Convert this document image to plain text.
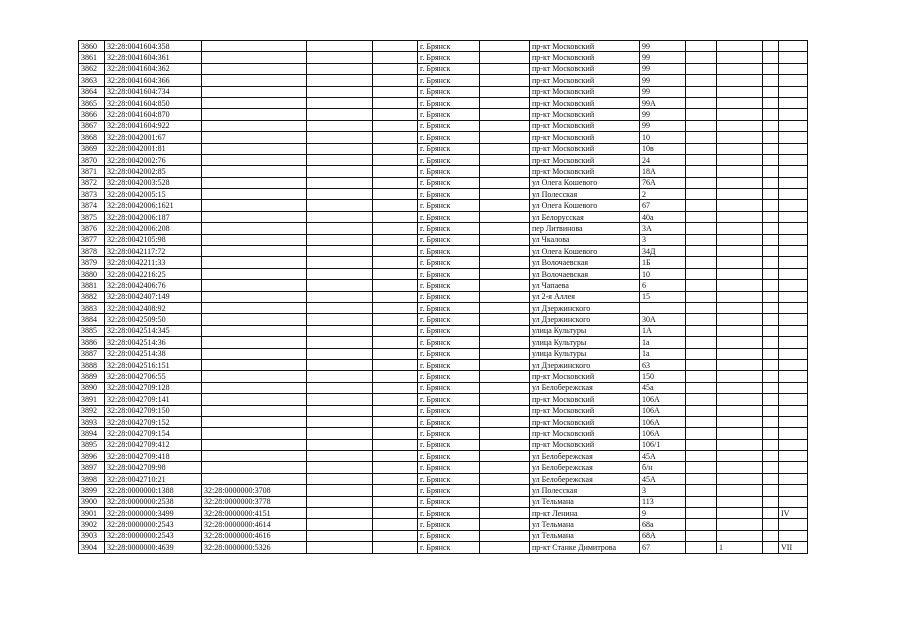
3860	32:28:0041604:358				г. Брянск		пр-кт Московский	99				
3861	32:28:0041604:361				г. Брянск		пр-кт Московский	99				
3862	32:28:0041604:362				г. Брянск		пр-кт Московский	99				
3863	32:28:0041604:366				г. Брянск		пр-кт Московский	99				
3864	32:28:0041604:734				г. Брянск		пр-кт Московский	99				
3865	32:28:0041604:850				г. Брянск		пр-кт Московский	99А				
3866	32:28:0041604:870				г. Брянск		пр-кт Московский	99				
3867	32:28:0041604:922				г. Брянск		пр-кт Московский	99				
3868	32:28:0042001:67				г. Брянск		пр-кт Московский	10				
3869	32:28:0042001:81				г. Брянск		пр-кт Московский	10в				
3870	32:28:0042002:76				г. Брянск		пр-кт Московский	24				
3871	32:28:0042002:85				г. Брянск		пр-кт Московский	18А				
3872	32:28:0042003:528				г. Брянск		ул Олега Кошевого	76А				
3873	32:28:0042005:15				г. Брянск		ул Полесская	2				
3874	32:28:0042006:1621				г. Брянск		ул Олега Кошевого	67				
3875	32:28:0042006:187				г. Брянск		ул Белорусская	40а				
3876	32:28:0042006:208				г. Брянск		пер Литвинова	3А				
3877	32:28:0042105:98				г. Брянск		ул Чкалова	3				
3878	32:28:0042117:72				г. Брянск		ул Олега Кошевого	34Д				
3879	32:28:0042211:33				г. Брянск		ул Волочаевская	1Б				
3880	32:28:0042216:25				г. Брянск		ул Волочаевская	10				
3881	32:28:0042406:76				г. Брянск		ул Чапаева	6				
3882	32:28:0042407:149				г. Брянск		ул 2-я Аллея	15				
3883	32:28:0042408:92				г. Брянск		ул Дзержинского					
3884	32:28:0042509:50				г. Брянск		ул Дзержинского	30А				
3885	32:28:0042514:345				г. Брянск		улица Культуры	1А				
3886	32:28:0042514:36				г. Брянск		улица Культуры	1а				
3887	32:28:0042514:38				г. Брянск		улица Культуры	1а				
3888	32:28:0042516:151				г. Брянск		ул Дзержинского	63				
3889	32:28:0042706:55				г. Брянск		пр-кт Московский	150				
3890	32:28:0042709:128				г. Брянск		ул Белобережская	45а				
3891	32:28:0042709:141				г. Брянск		пр-кт Московский	106А				
3892	32:28:0042709:150				г. Брянск		пр-кт Московский	106А				
3893	32:28:0042709:152				г. Брянск		пр-кт Московский	106А				
3894	32:28:0042709:154				г. Брянск		пр-кт Московский	106А				
3895	32:28:0042709:412				г. Брянск		пр-кт Московский	106/1				
3896	32:28:0042709:418				г. Брянск		ул Белобережская	45А				
3897	32:28:0042709:98				г. Брянск		ул Белобережская	б/н				
3898	32:28:0042710:21				г. Брянск		ул Белобережская	45А				
3899	32:28:0000000:1388	32:28:0000000:3708			г. Брянск		ул Полесская	3				
3900	32:28:0000000:2538	32:28:0000000:3778			г. Брянск		ул Тельмана	113				
3901	32:28:0000000:3499	32:28:0000000:4151			г. Брянск		пр-кт Ленина	9				IV
3902	32:28:0000000:2543	32:28:0000000:4614			г. Брянск		ул Тельмана	68а				
3903	32:28:0000000:2543	32:28:0000000:4616			г. Брянск		ул Тельмана	68А				
3904	32:28:0000000:4639	32:28:0000000:5326			г. Брянск		пр-кт Станке Димитрова	67		1		VII
